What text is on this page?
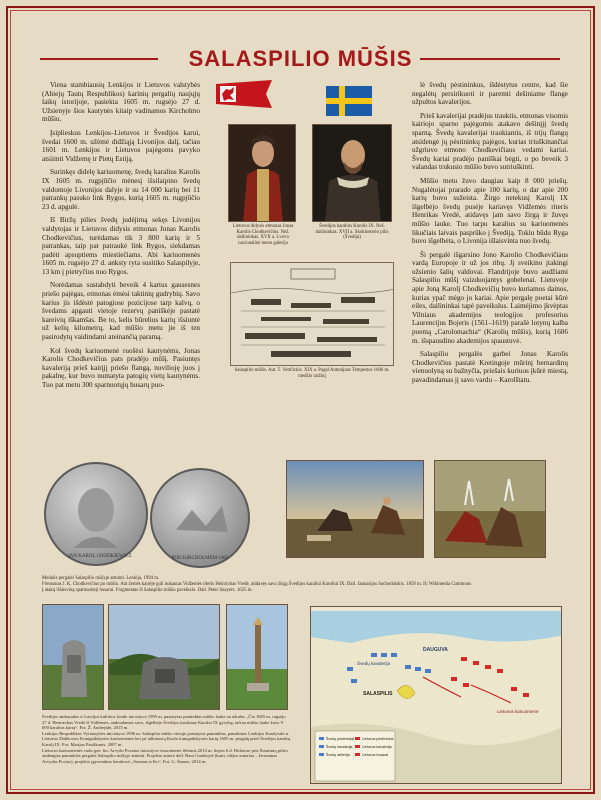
SALASPILIO MŪŠIS

Viena stambiausių Lenkijos ir Lietuvos valstybės (Abiejų Tautų Respublikos) karinių pergalių naujųjų laikų istorijoje, pasiekta 1605 m. rugsėjo 27 d. Užsienyje šios kautynės kitaip vadinamos Kircholmo mūšiu.

Įsiplieskus Lenkijos–Lietuvos ir Švedijos karui, švedai 1600 m. užėmė didžiąją Livonijos dalį, tačiau 1601 m. Lenkijos ir Lietuvos pajėgoms pavyko atsiimti Vidžemę ir Pietų Estiją.

Surinkęs didelę kariuomenę, švedų karalius Karolis IX 1605 m. rugpjūčio mėnesį išsilaipino švedų valdomoje Livonijos dalyje ir su 14 000 karių bei 11 patrankų pasuko link Rygos, kurią 1605 m. rugpjūčio 23 d. apgulė.

Iš Biržų pilies švedų judėjimą sekęs Livonijos valdytojas ir Lietuvos didysis etmonas Jonas Karolis Chodkevičius, turėdamas tik 3 800 karių ir 5 patrankas, taip pat patraukė link Rygos, siekdamas padėti apsuptiems miestiečiams. Abi kariuomenės 1605 m. rugsėjo 27 d. anksty ryta susitiko Salaspilyje, 13 km į pietryčius nuo Rygos.

Norėdamas sustabdyti beveik 4 kartus gausesnes priešo pajėgas, etmonas ėmėsi taktinių gudrybių. Savo karius jis išdėstė patogiose pozicijose tarp kalvų, o švedams apgauti vietoje rezervų paniškėje pastatė kareivių iškamšas. Be to, kelis būrelius karių išsiuntė už kelių kilometrų, kad mūšio metu jie iš ten pasirodytų vaidindami ateinančią paramą.

Kol švedų kariuomenė ruošėsi kautynėms, Jonas Karolis Chodkevičius pats pradėjo mūšį. Pasiuntęs kavaleriją prieš kairįjį priešo flangą, nuvilioję juos į pakalnę, kur buvo numatyta patogių vietų kautynėms. Tuo pat metu 300 sparnuotųjų husarų puo-

Lietuvos didysis etmonas Jonas Karolis Chodkevičius. Než. dailininkas. XVII a. Lvovo nacionalinė meno galerija
Švedijos karalius Karolis IX. Než. dailininkas. XVII a. Skoklosterio pilis (Švedija)
Salaspilio mūšis. Aut. T. Vertčickis. XIX a. Pagal Antonijaus Tempestos 1606 m. medžio raižinį

lė švedų pėstininkus, išdėstytus centre, kad šie negalėtų persirikuoti ir paremti dešiniame flange užpultos kavalerijos.

Prieš kavalerijai pradėjus trauktis, etmonas visomis kairiojo sparno pajėgomis atakavo dešinįjį švedų sparną. Švedų kavalerijai traukiantis, iš trijų flangų atsidengė jų pėstininkų pajėgos, kurias triuškinančiai užgriuvo etmono Chodkevičiaus vedami kariai. Švedų kariai pradėjo paniškai bėgti, o po beveik 3 valandas trukusio mūšio buvo sutriuškinti.

Mūšio metu žuvo daugiau kaip 8 000 priešų. Nugalėtojai prarado apie 100 karių, o dar apie 200 karių buvo sužeista. Žirgo netekusį Karolį IX išgelbėjo švedų pusėje kariavęs Vidžemės riteris Henrikas Vredė, atidavęs jam savo žirgą ir žuvęs mūšio lauke. Tuo tarpu karalius su kariuomenės likučiais laivais pasprūko į Švediją. Tokiu būdu Ryga buvo išgelbėta, o Livonija išlaisvinta nuo švedų.

Ši pergalė išgarsino Jono Karolio Chodkevičiaus vardą Europoje ir už jos ribų. Jį sveikino įtakingi užsienio šalių valdovai. Flandrijoje buvo audžiami Salaspilio mūšį vaizduojantys gobelenai. Lietuvoje apie Joną Karolį Chodkevičių buvo kuriamos dainos, kurias ypač mėgo jo kariai. Apie pergalę poetai kūrė eiles, dailininkai tapė paveikslus. Laimėjimo įkvėptas Vilniaus akademijos teologijos profesorius Laurencijus Bojeris (1561–1619) parašė lotynų kalba poemą „Carolomachia“ (Karolių mūšis), kurią 1606 m. išspausdino akademijos spaustuvė.

Salaspilio pergalės garbei Jonas Karolis Chodkevičius pastatė Kretingoje mūrinį bernardinų vienuolyną su bažnyčia, priešais kuriuos įkūrė miestą, pavadindamas jį savo vardu – Karolštatu.

IAN KAROL CHODKIEWICZ	POD KIRCHOLMEM 1605
Medalis pergalei Salaspilio mūšyje atminti. Lenkija, 1994 m.
Frensonas J. K. Chodkevičius po mūšio. Ant žemės kairėje guli nukautas Vidžemės riteris Heinrichas Vredė, atidavęs savo žirgą Švedijos karaliui Karoliui IX. Dail. Januarijus Suchodolskis. 1858 m. Iš: Wikimedia Commons
Į atakų išlaisviną sparnuotieji husarai. Fragmentas iš Salaspilio mūšio paveikslo. Dail. Peter Snayers. 1625 m.
Švedijos ambasados ir Latvijos kultūros fondo iniciatyva 1995 m. pastatytas paminklas mūšio laukе su užrašu: „Čia 1605 m. rugsėjo 27 d. Henrieckas Vredė iš Vidžemės, andoodamas savo, išgelbėjo Švedijos karaliaus Karolio IX gyvybę, tačiau mūšio lauke žuvo 9 000 karalius karių“. Fot. Ž. Andrejūtė, 2015 m.
Lenkijos Respublikos Vyriausybės iniciatyva 1996 m. Salaspilio mūšio vietoje pastatytas paminklas, panašintas Lenkijos Karalystės ir Lietuvos Didžiosios Kunigaikštystės kariuomenės bei jai talkinusių Kuršo kunigaikštystės karių 1605 m. pergalę prieš Švedijos karalių Karolį IX. Fot. Marijus Paulikonis, 2007 m.
Lietuvos kariuomenės vado gen. ltn. Arvydo Pociaus iniciatyva visuomenės lėšomis 2014 m. liepos 6 d. Biržuose prie Šiaurinių pilies atidengtas paminklas pergalei Salaspilio mūšyje atminti. Projekto autorė dail. Rasa Gambrytė (kurti, idėjos autorius – Ieronimas Arvydas Pocius), projekto įgyvendino bendrovė „Sonatas is Ko“. Fot. G. Šnaras, 2014 m.
DAUGUVA
SALASPILIS
Švedų kavalerija
Lietuvos kariuomenė
Švedų pėstininkai
Švedų kavalerija
Švedų artilerija
Lietuvos pėstininkai
Lietuvos kavalerija
Lietuvos husarai
